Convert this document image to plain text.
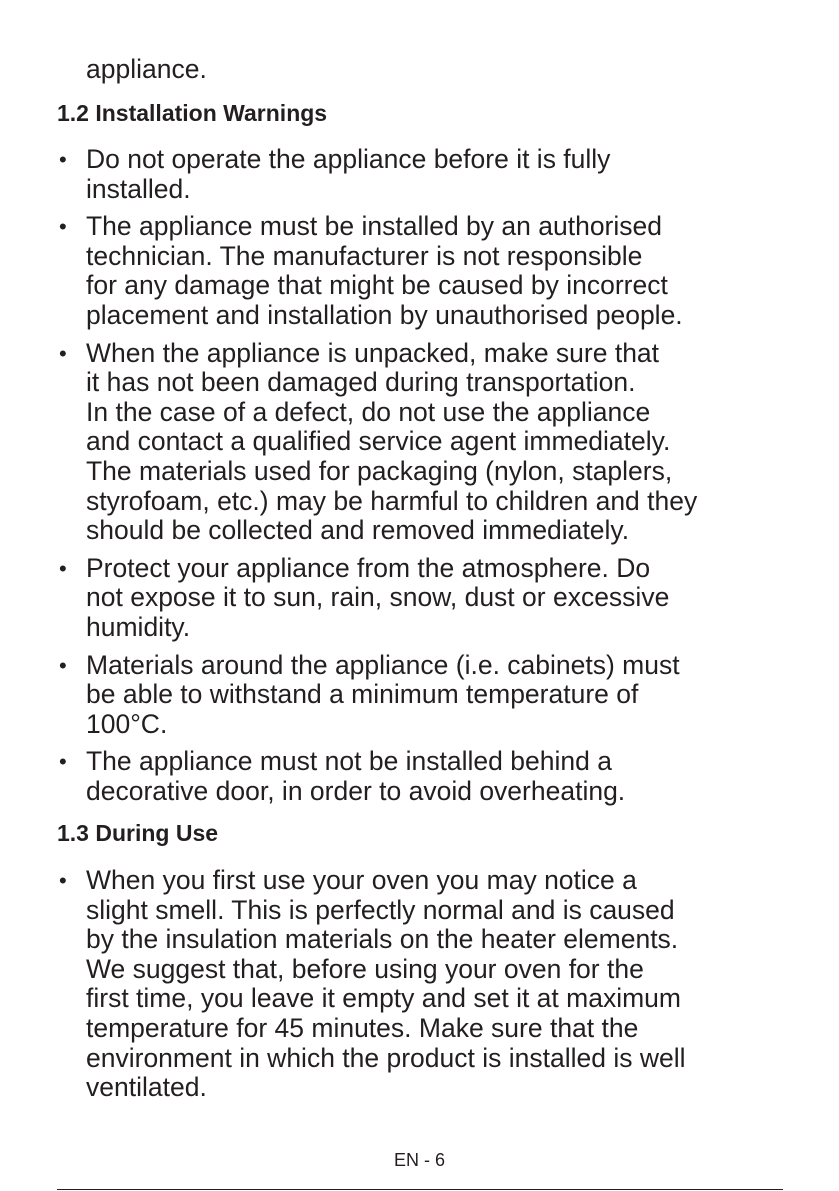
appliance.

1.2 Installation Warnings
• Do not operate the appliance before it is fully
installed.
• The appliance must be installed by an authorised
technician. The manufacturer is not responsible
for any damage that might be caused by incorrect
placement and installation by unauthorised people.
• When the appliance is unpacked, make sure that
it has not been damaged during transportation.
In the case of a defect, do not use the appliance
and contact a qualified service agent immediately.
The materials used for packaging (nylon, staplers,
styrofoam, etc.) may be harmful to children and they
should be collected and removed immediately.
• Protect your appliance from the atmosphere. Do
not expose it to sun, rain, snow, dust or excessive
humidity.
• Materials around the appliance (i.e. cabinets) must
be able to withstand a minimum temperature of
100°C.
• The appliance must not be installed behind a
decorative door, in order to avoid overheating.
1.3 During Use
• When you first use your oven you may notice a
slight smell. This is perfectly normal and is caused
by the insulation materials on the heater elements.
We suggest that, before using your oven for the
first time, you leave it empty and set it at maximum
temperature for 45 minutes. Make sure that the
environment in which the product is installed is well
ventilated.
EN - 6
